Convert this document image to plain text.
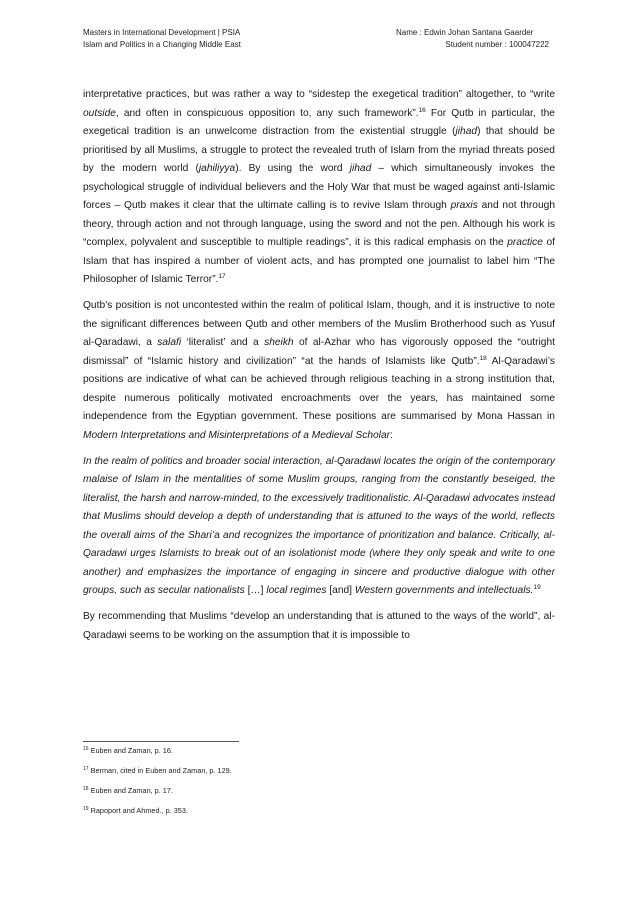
Masters in International Development | PSIA
Islam and Politics in a Changing Middle East
Name : Edwin Johan Santana Gaarder
Student number : 100047222

interpretative practices, but was rather a way to “sidestep the exegetical tradition” altogether, to “write outside, and often in conspicuous opposition to, any such framework”.$^{16}$ For Qutb in particular, the exegetical tradition is an unwelcome distraction from the existential struggle (jihad) that should be prioritised by all Muslims, a struggle to protect the revealed truth of Islam from the myriad threats posed by the modern world (jahiliyya). By using the word jihad – which simultaneously invokes the psychological struggle of individual believers and the Holy War that must be waged against anti-Islamic forces – Qutb makes it clear that the ultimate calling is to revive Islam through praxis and not through theory, through action and not through language, using the sword and not the pen. Although his work is “complex, polyvalent and susceptible to multiple readings”, it is this radical emphasis on the practice of Islam that has inspired a number of violent acts, and has prompted one journalist to label him “The Philosopher of Islamic Terror”.$^{17}$

Qutb’s position is not uncontested within the realm of political Islam, though, and it is instructive to note the significant differences between Qutb and other members of the Muslim Brotherhood such as Yusuf al-Qaradawi, a salafi ‘literalist’ and a sheikh of al-Azhar who has vigorously opposed the “outright dismissal” of “Islamic history and civilization” “at the hands of Islamists like Qutb”.$^{18}$ Al-Qaradawi’s positions are indicative of what can be achieved through religious teaching in a strong institution that, despite numerous politically motivated encroachments over the years, has maintained some independence from the Egyptian government. These positions are summarised by Mona Hassan in Modern Interpretations and Misinterpretations of a Medieval Scholar:

In the realm of politics and broader social interaction, al-Qaradawi locates the origin of the contemporary malaise of Islam in the mentalities of some Muslim groups, ranging from the constantly beseiged, the literalist, the harsh and narrow-minded, to the excessively traditionalistic. Al-Qaradawi advocates instead that Muslims should develop a depth of understanding that is attuned to the ways of the world, reflects the overall aims of the Shari’a and recognizes the importance of prioritization and balance. Critically, al-Qaradawi urges Islamists to break out of an isolationist mode (where they only speak and write to one another) and emphasizes the importance of engaging in sincere and productive dialogue with other groups, such as secular nationalists […] local regimes [and] Western governments and intellectuals.$^{19}$

By recommending that Muslims “develop an understanding that is attuned to the ways of the world”, al-Qaradawi seems to be working on the assumption that it is impossible to

$^{16}$ Euben and Zaman, p. 16.
$^{17}$ Berman, cited in Euben and Zaman, p. 129.
$^{18}$ Euben and Zaman, p. 17.
$^{19}$ Rapoport and Ahmed., p. 353.
